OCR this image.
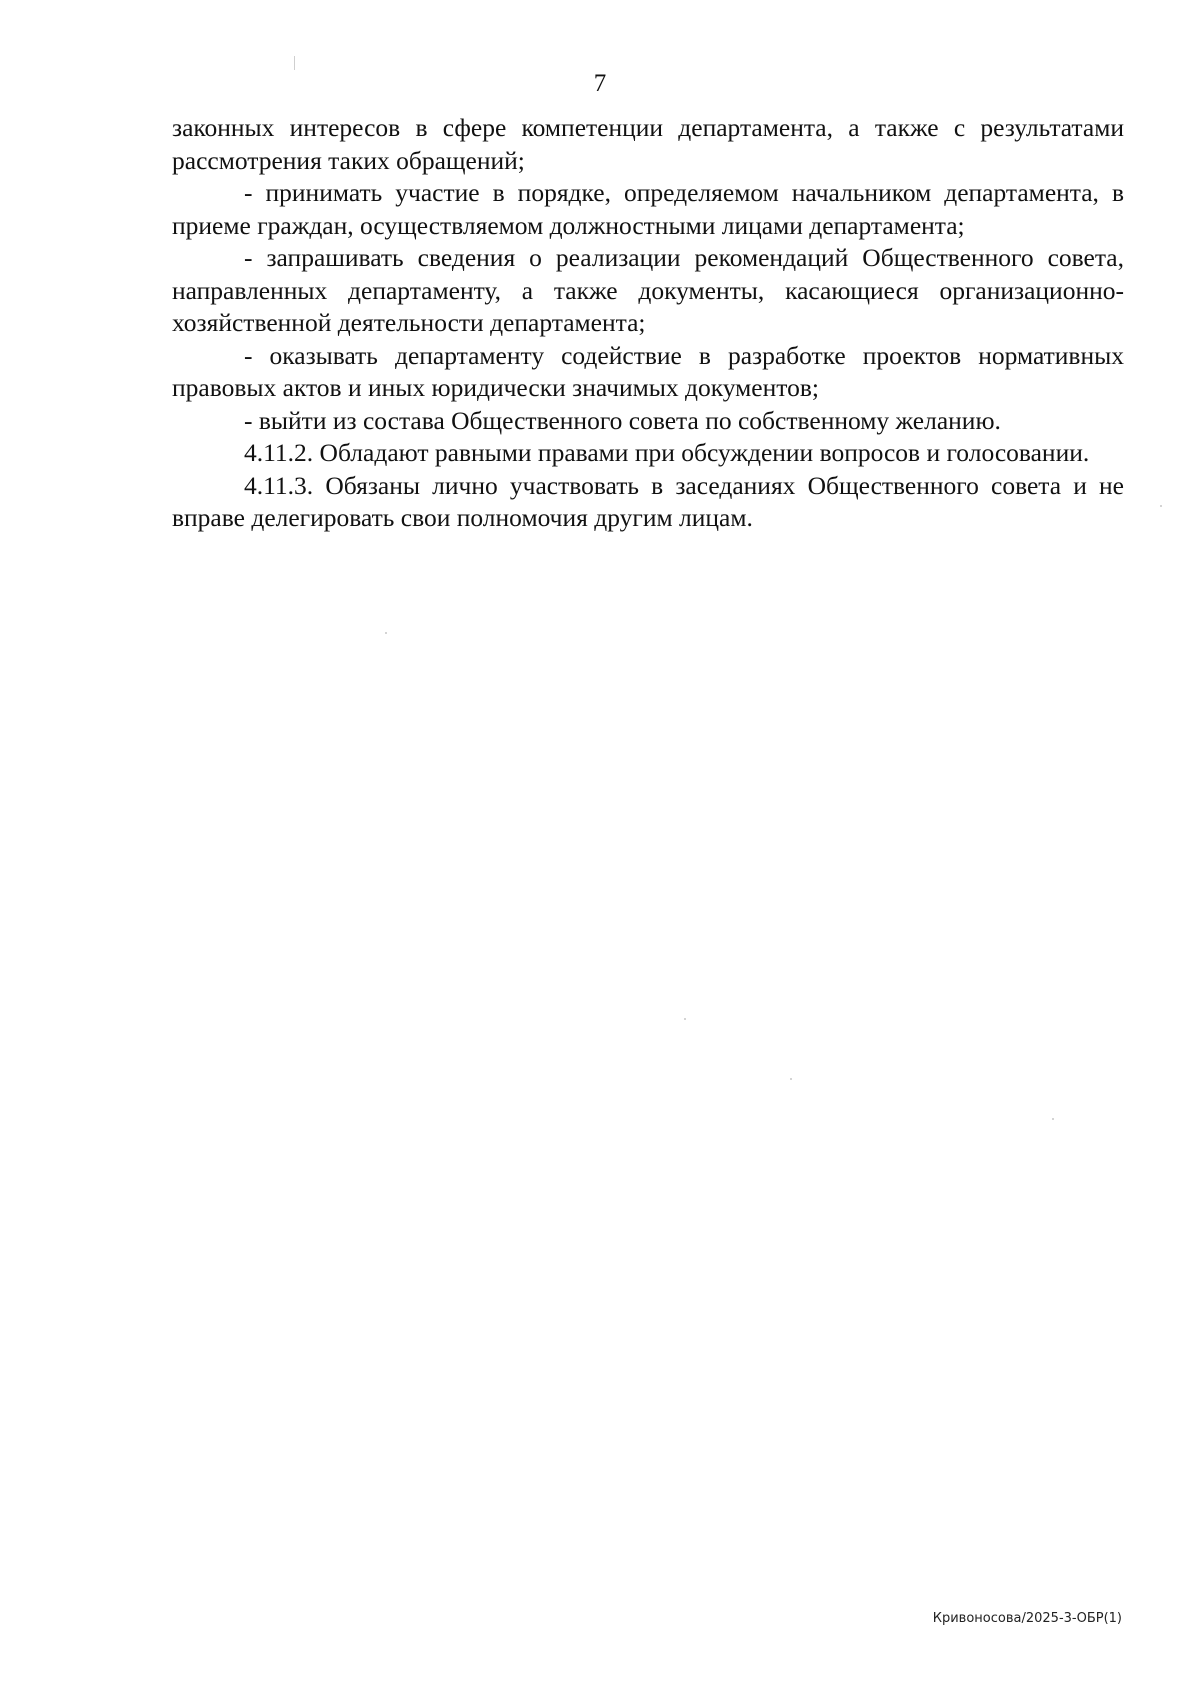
7

законных интересов в сфере компетенции департамента, а также с результатами рассмотрения таких обращений;

- принимать участие в порядке, определяемом начальником департамента, в приеме граждан, осуществляемом должностными лицами департамента;

- запрашивать сведения о реализации рекомендаций Общественного совета, направленных департаменту, а также документы, касающиеся организационно-хозяйственной деятельности департамента;

- оказывать департаменту содействие в разработке проектов нормативных правовых актов и иных юридически значимых документов;

- выйти из состава Общественного совета по собственному желанию.

4.11.2. Обладают равными правами при обсуждении вопросов и голосовании.

4.11.3. Обязаны лично участвовать в заседаниях Общественного совета и не вправе делегировать свои полномочия другим лицам.

Кривоносова/2025-3-ОБР(1)
